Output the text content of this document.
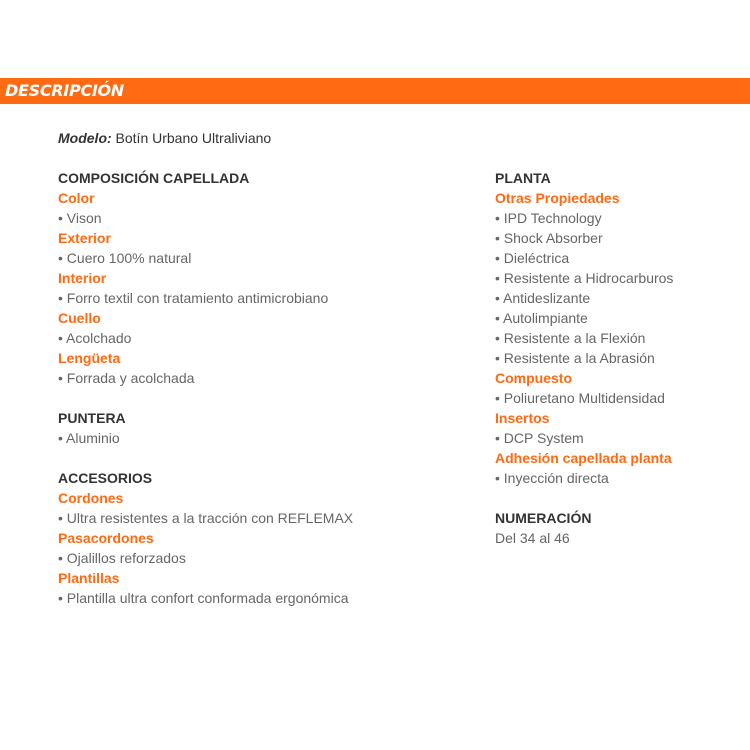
DESCRIPCIÓN
Modelo: Botín Urbano Ultraliviano
COMPOSICIÓN CAPELLADA
Color
• Vison
Exterior
• Cuero 100% natural
Interior
• Forro textil con tratamiento antimicrobiano
Cuello
• Acolchado
Lengüeta
• Forrada y acolchada
PUNTERA
• Aluminio
ACCESORIOS
Cordones
• Ultra resistentes a la tracción con REFLEMAX
Pasacordones
• Ojalillos reforzados
Plantillas
• Plantilla ultra confort conformada ergonómica
PLANTA
Otras Propiedades
• IPD Technology
• Shock Absorber
• Dieléctrica
• Resistente a Hidrocarburos
• Antideslizante
• Autolimpiante
• Resistente a la Flexión
• Resistente a la Abrasión
Compuesto
• Poliuretano Multidensidad
Insertos
• DCP System
Adhesión capellada planta
• Inyección directa
NUMERACIÓN
Del 34 al 46
